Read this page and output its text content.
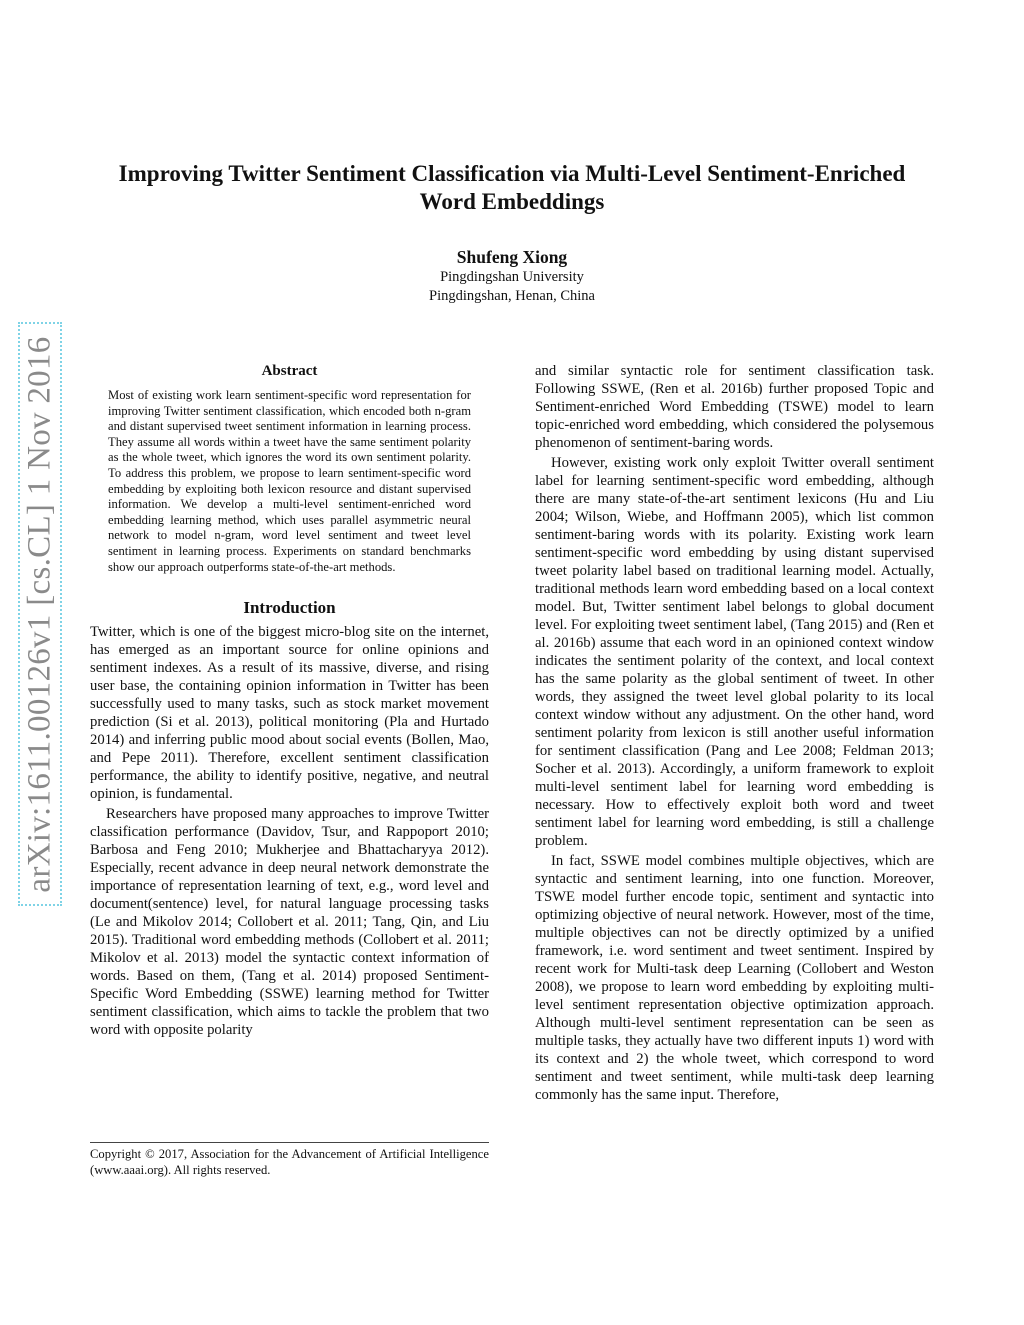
arXiv:1611.00126v1 [cs.CL] 1 Nov 2016
Improving Twitter Sentiment Classification via Multi-Level Sentiment-Enriched Word Embeddings
Shufeng Xiong
Pingdingshan University
Pingdingshan, Henan, China
Abstract
Most of existing work learn sentiment-specific word representation for improving Twitter sentiment classification, which encoded both n-gram and distant supervised tweet sentiment information in learning process. They assume all words within a tweet have the same sentiment polarity as the whole tweet, which ignores the word its own sentiment polarity. To address this problem, we propose to learn sentiment-specific word embedding by exploiting both lexicon resource and distant supervised information. We develop a multi-level sentiment-enriched word embedding learning method, which uses parallel asymmetric neural network to model n-gram, word level sentiment and tweet level sentiment in learning process. Experiments on standard benchmarks show our approach outperforms state-of-the-art methods.
Introduction

Twitter, which is one of the biggest micro-blog site on the internet, has emerged as an important source for online opinions and sentiment indexes. As a result of its massive, diverse, and rising user base, the containing opinion information in Twitter has been successfully used to many tasks, such as stock market movement prediction (Si et al. 2013), political monitoring (Pla and Hurtado 2014) and inferring public mood about social events (Bollen, Mao, and Pepe 2011). Therefore, excellent sentiment classification performance, the ability to identify positive, negative, and neutral opinion, is fundamental.

Researchers have proposed many approaches to improve Twitter classification performance (Davidov, Tsur, and Rappoport 2010; Barbosa and Feng 2010; Mukherjee and Bhattacharyya 2012). Especially, recent advance in deep neural network demonstrate the importance of representation learning of text, e.g., word level and document(sentence) level, for natural language processing tasks (Le and Mikolov 2014; Collobert et al. 2011; Tang, Qin, and Liu 2015). Traditional word embedding methods (Collobert et al. 2011; Mikolov et al. 2013) model the syntactic context information of words. Based on them, (Tang et al. 2014) proposed Sentiment-Specific Word Embedding (SSWE) learning method for Twitter sentiment classification, which aims to tackle the problem that two word with opposite polarity

and similar syntactic role for sentiment classification task. Following SSWE, (Ren et al. 2016b) further proposed Topic and Sentiment-enriched Word Embedding (TSWE) model to learn topic-enriched word embedding, which considered the polysemous phenomenon of sentiment-baring words.

However, existing work only exploit Twitter overall sentiment label for learning sentiment-specific word embedding, although there are many state-of-the-art sentiment lexicons (Hu and Liu 2004; Wilson, Wiebe, and Hoffmann 2005), which list common sentiment-baring words with its polarity. Existing work learn sentiment-specific word embedding by using distant supervised tweet polarity label based on traditional learning model. Actually, traditional methods learn word embedding based on a local context model. But, Twitter sentiment label belongs to global document level. For exploiting tweet sentiment label, (Tang 2015) and (Ren et al. 2016b) assume that each word in an opinioned context window indicates the sentiment polarity of the context, and local context has the same polarity as the global sentiment of tweet. In other words, they assigned the tweet level global polarity to its local context window without any adjustment. On the other hand, word sentiment polarity from lexicon is still another useful information for sentiment classification (Pang and Lee 2008; Feldman 2013; Socher et al. 2013). Accordingly, a uniform framework to exploit multi-level sentiment label for learning word embedding is necessary. How to effectively exploit both word and tweet sentiment label for learning word embedding, is still a challenge problem.

In fact, SSWE model combines multiple objectives, which are syntactic and sentiment learning, into one function. Moreover, TSWE model further encode topic, sentiment and syntactic into optimizing objective of neural network. However, most of the time, multiple objectives can not be directly optimized by a unified framework, i.e. word sentiment and tweet sentiment. Inspired by recent work for Multi-task deep Learning (Collobert and Weston 2008), we propose to learn word embedding by exploiting multi-level sentiment representation objective optimization approach. Although multi-level sentiment representation can be seen as multiple tasks, they actually have two different inputs 1) word with its context and 2) the whole tweet, which correspond to word sentiment and tweet sentiment, while multi-task deep learning commonly has the same input. Therefore,

Copyright © 2017, Association for the Advancement of Artificial Intelligence (www.aaai.org). All rights reserved.
